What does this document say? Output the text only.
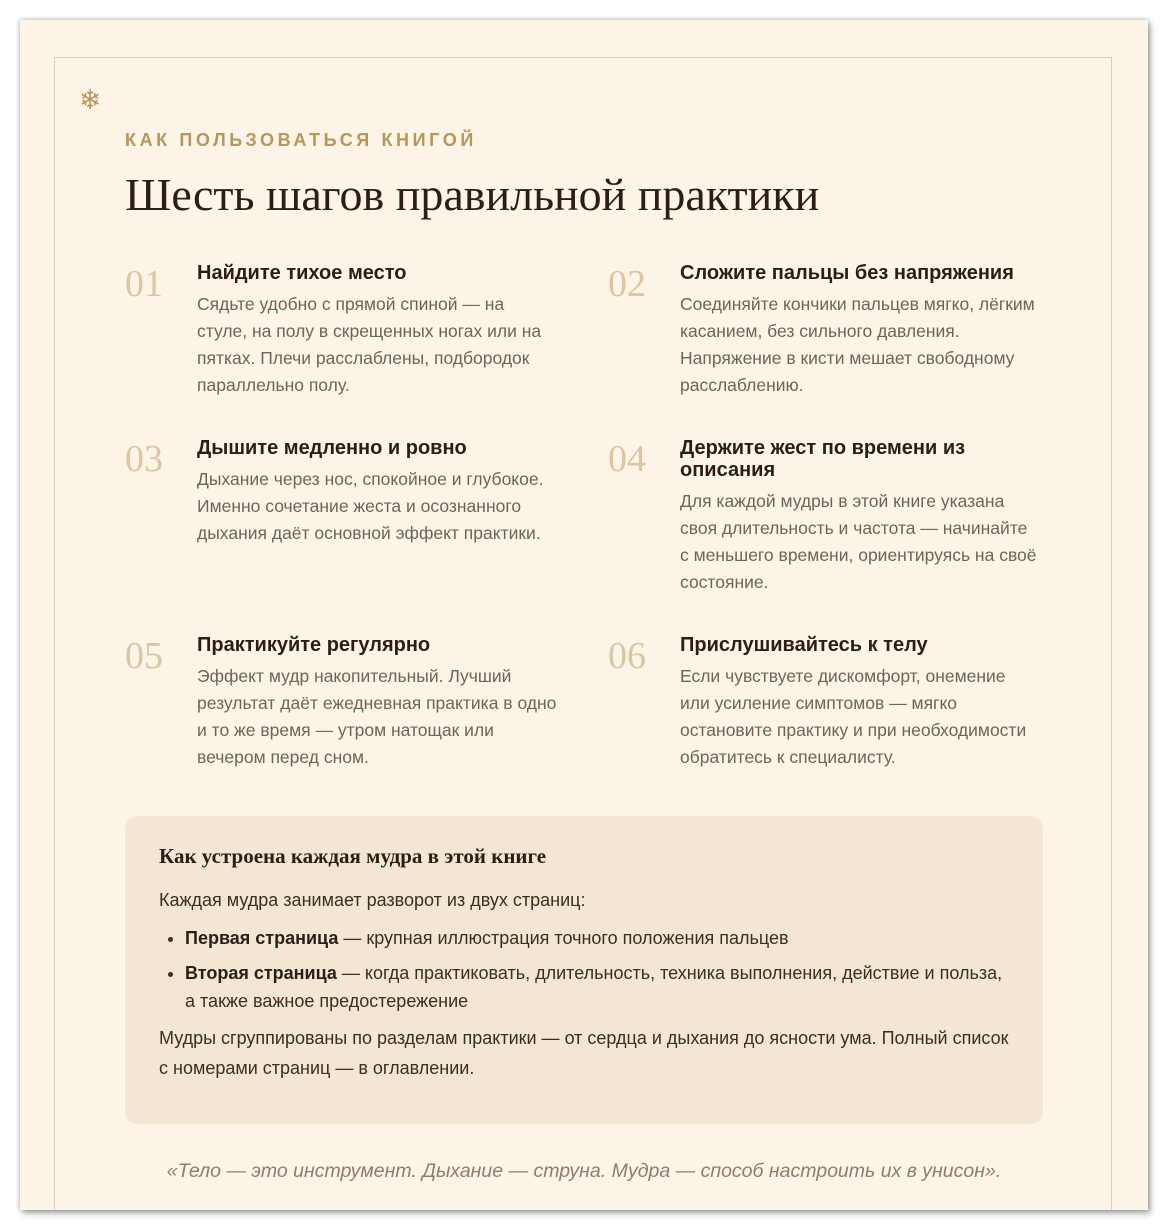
❄
КАК ПОЛЬЗОВАТЬСЯ КНИГОЙ
Шесть шагов правильной практики
01 Найдите тихое место

Сядьте удобно с прямой спиной — на стуле, на полу в скрещенных ногах или на пятках. Плечи расслаблены, подбородок параллельно полу.

02 Сложите пальцы без напряжения

Соединяйте кончики пальцев мягко, лёгким касанием, без сильного давления. Напряжение в кисти мешает свободному расслаблению.

03 Дышите медленно и ровно

Дыхание через нос, спокойное и глубокое. Именно сочетание жеста и осознанного дыхания даёт основной эффект практики.

04 Держите жест по времени из описания

Для каждой мудры в этой книге указана своя длительность и частота — начинайте с меньшего времени, ориентируясь на своё состояние.

05 Практикуйте регулярно

Эффект мудр накопительный. Лучший результат даёт ежедневная практика в одно и то же время — утром натощак или вечером перед сном.

06 Прислушивайтесь к телу

Если чувствуете дискомфорт, онемение или усиление симптомов — мягко остановите практику и при необходимости обратитесь к специалисту.

Как устроена каждая мудра в этой книге

Каждая мудра занимает разворот из двух страниц:

• Первая страница — крупная иллюстрация точного положения пальцев
• Вторая страница — когда практиковать, длительность, техника выполнения, действие и польза, а также важное предостережение

Мудры сгруппированы по разделам практики — от сердца и дыхания до ясности ума. Полный список с номерами страниц — в оглавлении.

«Тело — это инструмент. Дыхание — струна. Мудра — способ настроить их в унисон».
